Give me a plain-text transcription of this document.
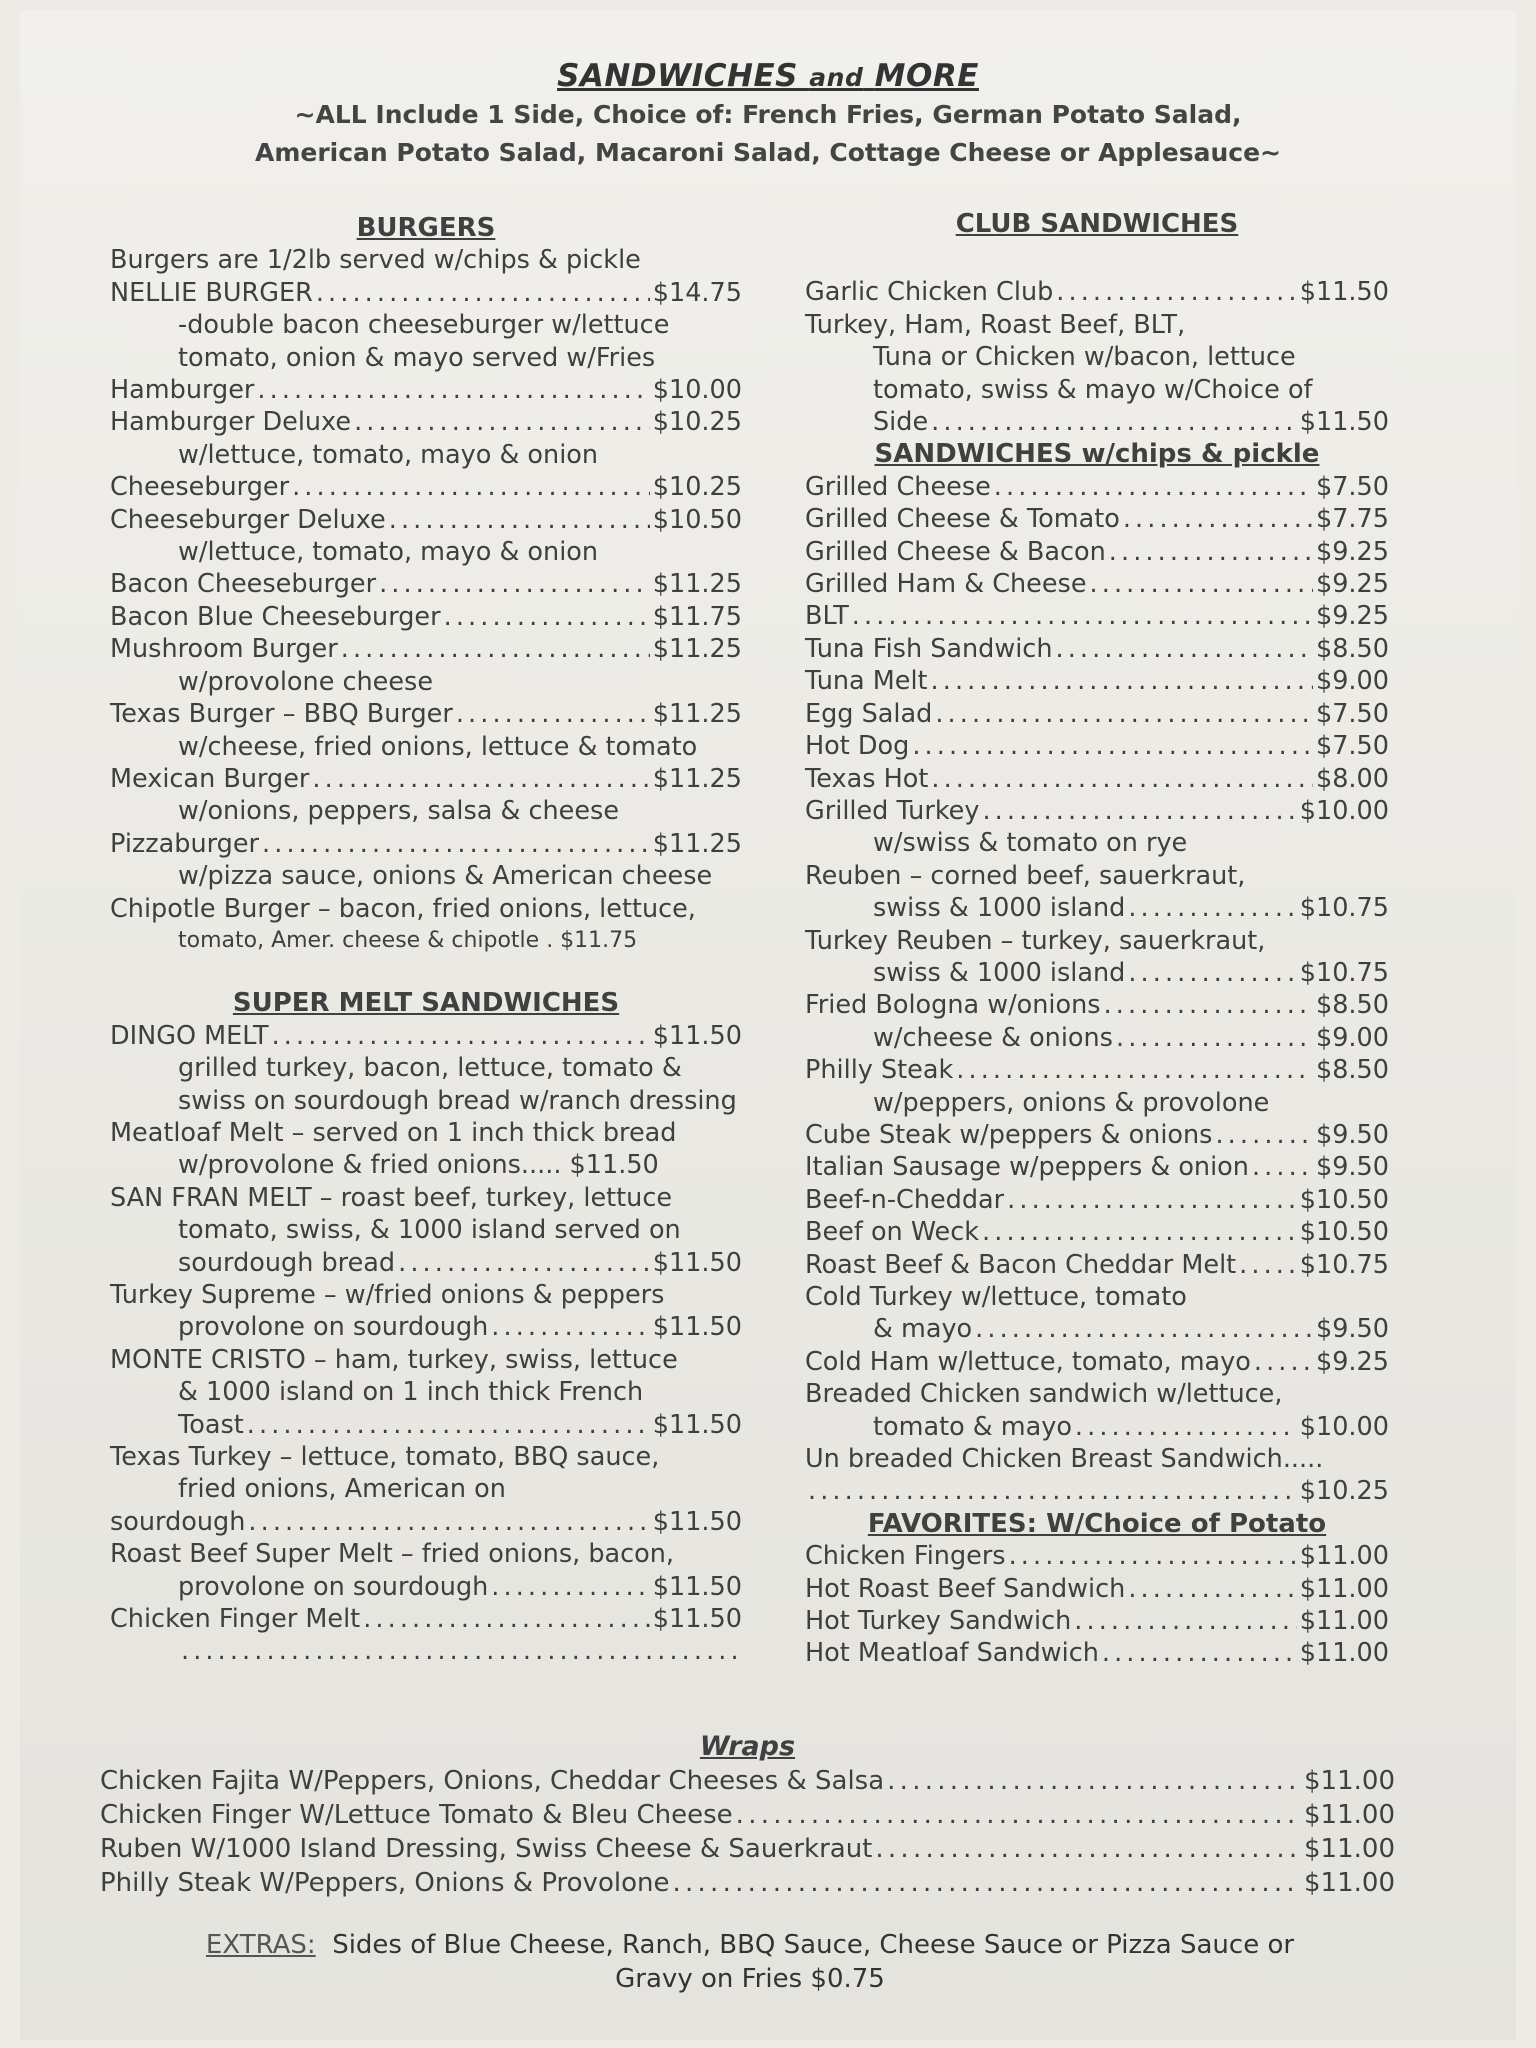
SANDWICHES and MORE

~ALL Include 1 Side, Choice of: French Fries, German Potato Salad,
American Potato Salad, Macaroni Salad, Cottage Cheese or Applesauce~

BURGERS

Burgers are 1/2lb served w/chips & pickle
NELLIE BURGER . . .	$14.75
-double bacon cheeseburger w/lettuce
tomato, onion & mayo served w/Fries
Hamburger . . .	$10.00
Hamburger Deluxe . . .	$10.25
w/lettuce, tomato, mayo & onion
Cheeseburger . . .	$10.25
Cheeseburger Deluxe . . .	$10.50
w/lettuce, tomato, mayo & onion
Bacon Cheeseburger . . .	$11.25
Bacon Blue Cheeseburger . . .	$11.75
Mushroom Burger . . .	$11.25
w/provolone cheese
Texas Burger – BBQ Burger . . .	$11.25
w/cheese, fried onions, lettuce & tomato
Mexican Burger . . .	$11.25
w/onions, peppers, salsa & cheese
Pizzaburger . . .	$11.25
w/pizza sauce, onions & American cheese
Chipotle Burger – bacon, fried onions, lettuce,
tomato, Amer. cheese & chipotle . $11.75

SUPER MELT SANDWICHES

DINGO MELT . . .	$11.50
grilled turkey, bacon, lettuce, tomato &
swiss on sourdough bread w/ranch dressing
Meatloaf Melt – served on 1 inch thick bread
w/provolone & fried onions..... $11.50
SAN FRAN MELT – roast beef, turkey, lettuce
tomato, swiss, & 1000 island served on
sourdough bread . . .	$11.50
Turkey Supreme – w/fried onions & peppers
provolone on sourdough . . .	$11.50
MONTE CRISTO – ham, turkey, swiss, lettuce
& 1000 island on 1 inch thick French
Toast . . .	$11.50
Texas Turkey – lettuce, tomato, BBQ sauce,
fried onions, American on
sourdough . . .	$11.50
Roast Beef Super Melt – fried onions, bacon,
provolone on sourdough . . .	$11.50
Chicken Finger Melt . . .	$11.50
. . .

CLUB SANDWICHES

Garlic Chicken Club . . .	$11.50
Turkey, Ham, Roast Beef, BLT,
Tuna or Chicken w/bacon, lettuce
tomato, swiss & mayo w/Choice of
Side . . .	$11.50

SANDWICHES w/chips & pickle

Grilled Cheese . . .	$7.50
Grilled Cheese & Tomato . . .	$7.75
Grilled Cheese & Bacon . . .	$9.25
Grilled Ham & Cheese . . .	$9.25
BLT . . .	$9.25
Tuna Fish Sandwich . . .	$8.50
Tuna Melt . . .	$9.00
Egg Salad . . .	$7.50
Hot Dog . . .	$7.50
Texas Hot . . .	$8.00
Grilled Turkey . . .	$10.00
w/swiss & tomato on rye
Reuben – corned beef, sauerkraut,
swiss & 1000 island . . .	$10.75
Turkey Reuben – turkey, sauerkraut,
swiss & 1000 island . . .	$10.75
Fried Bologna w/onions . . .	$8.50
w/cheese & onions . . .	$9.00
Philly Steak . . .	$8.50
w/peppers, onions & provolone
Cube Steak w/peppers & onions . . .	$9.50
Italian Sausage w/peppers & onion . . .	$9.50
Beef-n-Cheddar . . .	$10.50
Beef on Weck . . .	$10.50
Roast Beef & Bacon Cheddar Melt . . . $10.75
Cold Turkey w/lettuce, tomato
& mayo . . .	$9.50
Cold Ham w/lettuce, tomato, mayo . . .	$9.25
Breaded Chicken sandwich w/lettuce,
tomato & mayo . . .	$10.00
Un breaded Chicken Breast Sandwich.....
. . .
$10.25

FAVORITES: W/Choice of Potato

Chicken Fingers . . .	$11.00
Hot Roast Beef Sandwich . . .	$11.00
Hot Turkey Sandwich . . .	$11.00
Hot Meatloaf Sandwich . . .	$11.00

Wraps

Chicken Fajita W/Peppers, Onions, Cheddar Cheeses & Salsa . . .	$11.00
Chicken Finger W/Lettuce Tomato & Bleu Cheese . . .	$11.00
Ruben W/1000 Island Dressing, Swiss Cheese & Sauerkraut . . .	$11.00
Philly Steak W/Peppers, Onions & Provolone . . .	$11.00
EXTRAS: Sides of Blue Cheese, Ranch, BBQ Sauce, Cheese Sauce or Pizza Sauce or
Gravy on Fries $0.75
